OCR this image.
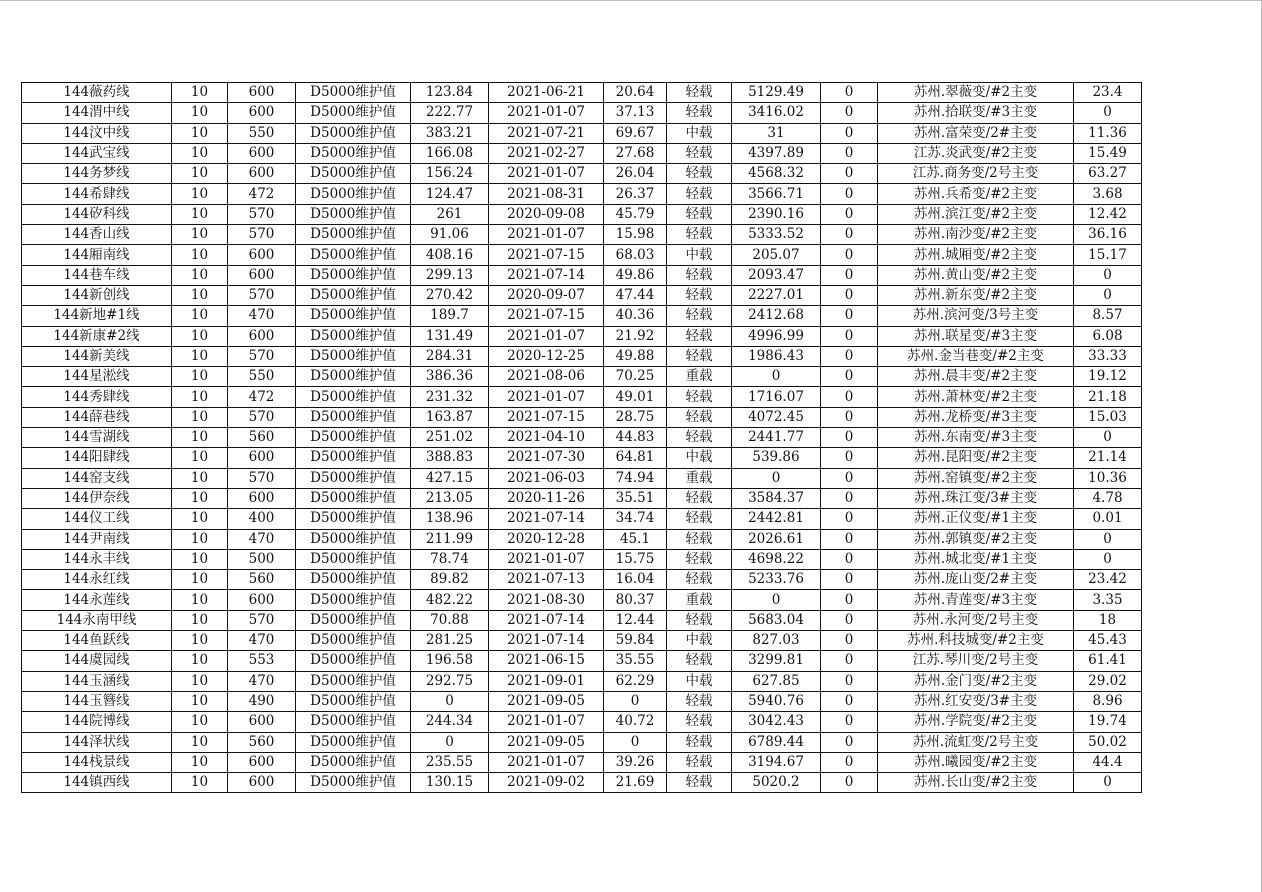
144薇药线	10	600	D5000维护值	123.84	2021-06-21	20.64	轻载	5129.49	0	苏州.翠薇变/#2主变	23.4
144渭中线	10	600	D5000维护值	222.77	2021-01-07	37.13	轻载	3416.02	0	苏州.拾联变/#3主变	0
144汶中线	10	550	D5000维护值	383.21	2021-07-21	69.67	中载	31	0	苏州.富荣变/2#主变	11.36
144武宝线	10	600	D5000维护值	166.08	2021-02-27	27.68	轻载	4397.89	0	江苏.炎武变/#2主变	15.49
144务梦线	10	600	D5000维护值	156.24	2021-01-07	26.04	轻载	4568.32	0	江苏.商务变/2号主变	63.27
144希肆线	10	472	D5000维护值	124.47	2021-08-31	26.37	轻载	3566.71	0	苏州.兵希变/#2主变	3.68
144矽科线	10	570	D5000维护值	261	2020-09-08	45.79	轻载	2390.16	0	苏州.滨江变/#2主变	12.42
144香山线	10	570	D5000维护值	91.06	2021-01-07	15.98	轻载	5333.52	0	苏州.南沙变/#2主变	36.16
144厢南线	10	600	D5000维护值	408.16	2021-07-15	68.03	中载	205.07	0	苏州.城厢变/#2主变	15.17
144巷车线	10	600	D5000维护值	299.13	2021-07-14	49.86	轻载	2093.47	0	苏州.黄山变/#2主变	0
144新创线	10	570	D5000维护值	270.42	2020-09-07	47.44	轻载	2227.01	0	苏州.新东变/#2主变	0
144新地#1线	10	470	D5000维护值	189.7	2021-07-15	40.36	轻载	2412.68	0	苏州.滨河变/3号主变	8.57
144新康#2线	10	600	D5000维护值	131.49	2021-01-07	21.92	轻载	4996.99	0	苏州.联星变/#3主变	6.08
144新美线	10	570	D5000维护值	284.31	2020-12-25	49.88	轻载	1986.43	0	苏州.金当巷变/#2主变	33.33
144星淞线	10	550	D5000维护值	386.36	2021-08-06	70.25	重载	0	0	苏州.晨丰变/#2主变	19.12
144秀肆线	10	472	D5000维护值	231.32	2021-01-07	49.01	轻载	1716.07	0	苏州.萧林变/#2主变	21.18
144薛巷线	10	570	D5000维护值	163.87	2021-07-15	28.75	轻载	4072.45	0	苏州.龙桥变/#3主变	15.03
144雪湖线	10	560	D5000维护值	251.02	2021-04-10	44.83	轻载	2441.77	0	苏州.东南变/#3主变	0
144阳肆线	10	600	D5000维护值	388.83	2021-07-30	64.81	中载	539.86	0	苏州.昆阳变/#2主变	21.14
144窑支线	10	570	D5000维护值	427.15	2021-06-03	74.94	重载	0	0	苏州.窑镇变/#2主变	10.36
144伊奈线	10	600	D5000维护值	213.05	2020-11-26	35.51	轻载	3584.37	0	苏州.珠江变/3#主变	4.78
144仪工线	10	400	D5000维护值	138.96	2021-07-14	34.74	轻载	2442.81	0	苏州.正仪变/#1主变	0.01
144尹南线	10	470	D5000维护值	211.99	2020-12-28	45.1	轻载	2026.61	0	苏州.郭镇变/#2主变	0
144永丰线	10	500	D5000维护值	78.74	2021-01-07	15.75	轻载	4698.22	0	苏州.城北变/#1主变	0
144永红线	10	560	D5000维护值	89.82	2021-07-13	16.04	轻载	5233.76	0	苏州.庞山变/2#主变	23.42
144永莲线	10	600	D5000维护值	482.22	2021-08-30	80.37	重载	0	0	苏州.青莲变/#3主变	3.35
144永南甲线	10	570	D5000维护值	70.88	2021-07-14	12.44	轻载	5683.04	0	苏州.永河变/2号主变	18
144鱼跃线	10	470	D5000维护值	281.25	2021-07-14	59.84	中载	827.03	0	苏州.科技城变/#2主变	45.43
144虞园线	10	553	D5000维护值	196.58	2021-06-15	35.55	轻载	3299.81	0	江苏.琴川变/2号主变	61.41
144玉涵线	10	470	D5000维护值	292.75	2021-09-01	62.29	中载	627.85	0	苏州.金门变/#2主变	29.02
144玉簪线	10	490	D5000维护值	0	2021-09-05	0	轻载	5940.76	0	苏州.红安变/3#主变	8.96
144院博线	10	600	D5000维护值	244.34	2021-01-07	40.72	轻载	3042.43	0	苏州.学院变/#2主变	19.74
144泽状线	10	560	D5000维护值	0	2021-09-05	0	轻载	6789.44	0	苏州.流虹变/2号主变	50.02
144栈景线	10	600	D5000维护值	235.55	2021-01-07	39.26	轻载	3194.67	0	苏州.曦园变/#2主变	44.4
144镇西线	10	600	D5000维护值	130.15	2021-09-02	21.69	轻载	5020.2	0	苏州.长山变/#2主变	0
